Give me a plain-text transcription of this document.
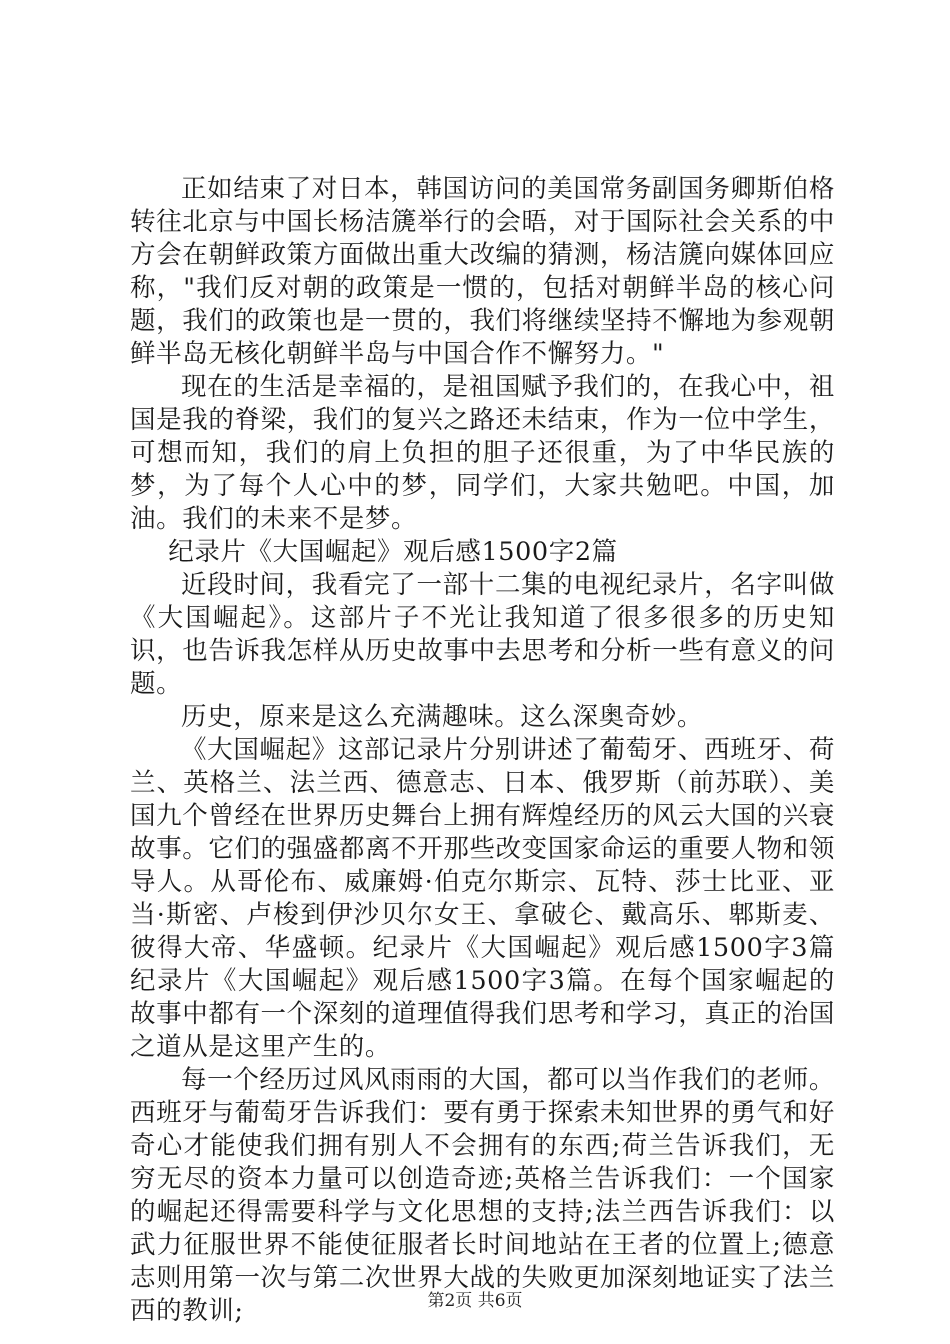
正如结束了对日本，韩国访问的美国常务副国务卿斯伯格转往北京与中国长杨洁篪举行的会晤，对于国际社会关系的中方会在朝鲜政策方面做出重大改编的猜测，杨洁篪向媒体回应称，"我们反对朝的政策是一惯的，包括对朝鲜半岛的核心问题，我们的政策也是一贯的，我们将继续坚持不懈地为参观朝鲜半岛无核化朝鲜半岛与中国合作不懈努力。"

现在的生活是幸福的，是祖国赋予我们的，在我心中，祖国是我的脊梁，我们的复兴之路还未结束，作为一位中学生，可想而知，我们的肩上负担的胆子还很重，为了中华民族的梦，为了每个人心中的梦，同学们，大家共勉吧。中国，加油。我们的未来不是梦。

纪录片《大国崛起》观后感1500字2篇

近段时间，我看完了一部十二集的电视纪录片，名字叫做《大国崛起》。这部片子不光让我知道了很多很多的历史知识，也告诉我怎样从历史故事中去思考和分析一些有意义的问题。

历史，原来是这么充满趣味。这么深奥奇妙。

《大国崛起》这部记录片分别讲述了葡萄牙、西班牙、荷兰、英格兰、法兰西、德意志、日本、俄罗斯（前苏联）、美国九个曾经在世界历史舞台上拥有辉煌经历的风云大国的兴衰故事。它们的强盛都离不开那些改变国家命运的重要人物和领导人。从哥伦布、威廉姆·伯克尔斯宗、瓦特、莎士比亚、亚当·斯密、卢梭到伊沙贝尔女王、拿破仑、戴高乐、郫斯麦、彼得大帝、华盛顿。纪录片《大国崛起》观后感1500字3篇纪录片《大国崛起》观后感1500字3篇。在每个国家崛起的故事中都有一个深刻的道理值得我们思考和学习，真正的治国之道从是这里产生的。

每一个经历过风风雨雨的大国，都可以当作我们的老师。西班牙与葡萄牙告诉我们：要有勇于探索未知世界的勇气和好奇心才能使我们拥有别人不会拥有的东西;荷兰告诉我们，无穷无尽的资本力量可以创造奇迹;英格兰告诉我们：一个国家的崛起还得需要科学与文化思想的支持;法兰西告诉我们：以武力征服世界不能使征服者长时间地站在王者的位置上;德意志则用第一次与第二次世界大战的失败更加深刻地证实了法兰西的教训;	第2页 共6页
